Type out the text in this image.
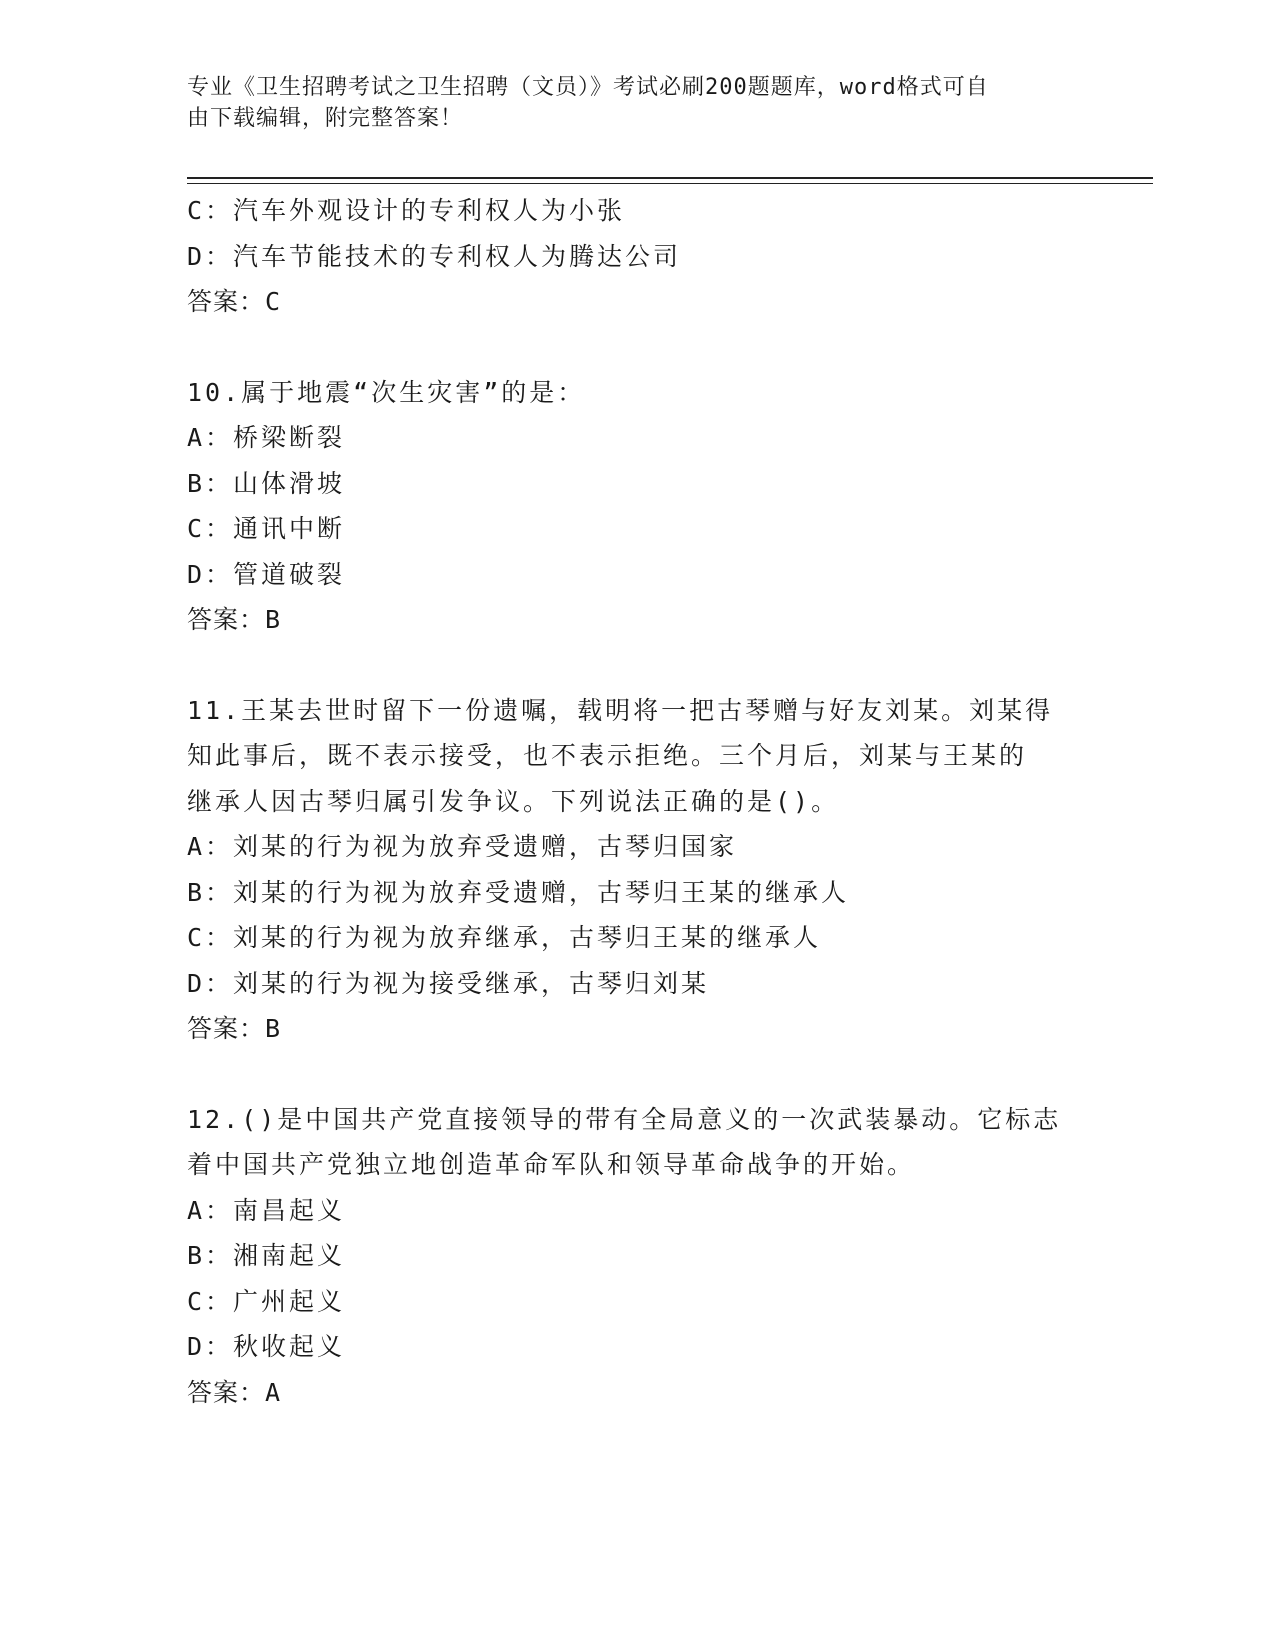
专业《卫生招聘考试之卫生招聘（文员）》考试必刷200题题库，word格式可自
由下载编辑，附完整答案！
C：汽车外观设计的专利权人为小张
D：汽车节能技术的专利权人为腾达公司
答案：C
10.属于地震“次生灾害”的是：
A：桥梁断裂
B：山体滑坡
C：通讯中断
D：管道破裂
答案：B
11.王某去世时留下一份遗嘱，载明将一把古琴赠与好友刘某。刘某得
知此事后，既不表示接受，也不表示拒绝。三个月后，刘某与王某的
继承人因古琴归属引发争议。下列说法正确的是()。
A：刘某的行为视为放弃受遗赠，古琴归国家
B：刘某的行为视为放弃受遗赠，古琴归王某的继承人
C：刘某的行为视为放弃继承，古琴归王某的继承人
D：刘某的行为视为接受继承，古琴归刘某
答案：B
12.()是中国共产党直接领导的带有全局意义的一次武装暴动。它标志
着中国共产党独立地创造革命军队和领导革命战争的开始。
A：南昌起义
B：湘南起义
C：广州起义
D：秋收起义
答案：A
